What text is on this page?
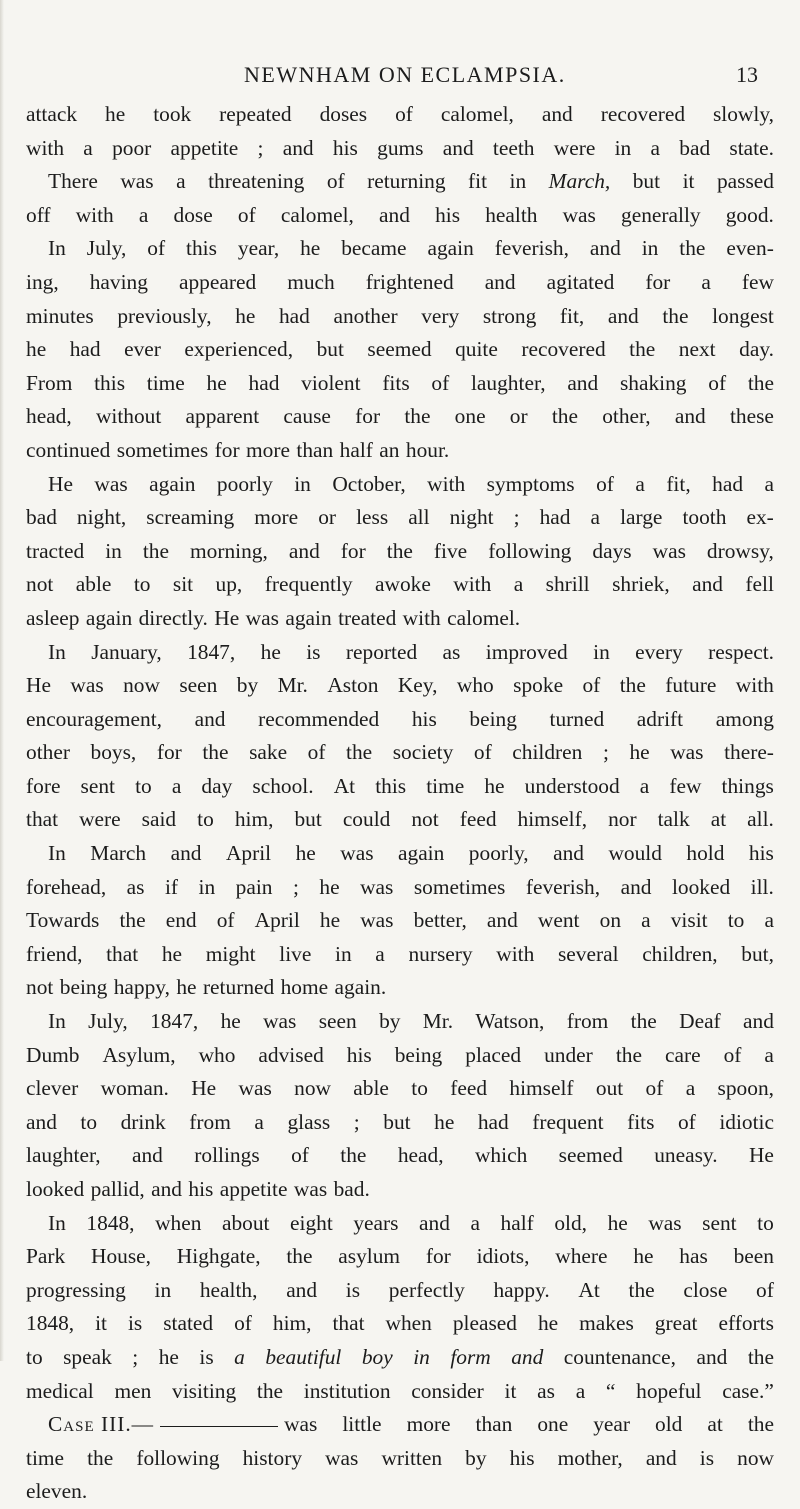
NEWNHAM ON ECLAMPSIA.	13
attack he took repeated doses of calomel, and recovered slowly,
with a poor appetite ; and his gums and teeth were in a bad state.
There was a threatening of returning fit in March, but it passed
off with a dose of calomel, and his health was generally good.
In July, of this year, he became again feverish, and in the even-
ing, having appeared much frightened and agitated for a few
minutes previously, he had another very strong fit, and the longest
he had ever experienced, but seemed quite recovered the next day.
From this time he had violent fits of laughter, and shaking of the
head, without apparent cause for the one or the other, and these
continued sometimes for more than half an hour.
He was again poorly in October, with symptoms of a fit, had a
bad night, screaming more or less all night ; had a large tooth ex-
tracted in the morning, and for the five following days was drowsy,
not able to sit up, frequently awoke with a shrill shriek, and fell
asleep again directly. He was again treated with calomel.
In January, 1847, he is reported as improved in every respect.
He was now seen by Mr. Aston Key, who spoke of the future with
encouragement, and recommended his being turned adrift among
other boys, for the sake of the society of children ; he was there-
fore sent to a day school. At this time he understood a few things
that were said to him, but could not feed himself, nor talk at all.
In March and April he was again poorly, and would hold his
forehead, as if in pain ; he was sometimes feverish, and looked ill.
Towards the end of April he was better, and went on a visit to a
friend, that he might live in a nursery with several children, but,
not being happy, he returned home again.
In July, 1847, he was seen by Mr. Watson, from the Deaf and
Dumb Asylum, who advised his being placed under the care of a
clever woman. He was now able to feed himself out of a spoon,
and to drink from a glass ; but he had frequent fits of idiotic
laughter, and rollings of the head, which seemed uneasy. He
looked pallid, and his appetite was bad.
In 1848, when about eight years and a half old, he was sent to
Park House, Highgate, the asylum for idiots, where he has been
progressing in health, and is perfectly happy. At the close of
1848, it is stated of him, that when pleased he makes great efforts
to speak ; he is a beautiful boy in form and countenance, and the
medical men visiting the institution consider it as a “ hopeful case.”
Case III.—	was little more than one year old at the
time the following history was written by his mother, and is now
eleven.
